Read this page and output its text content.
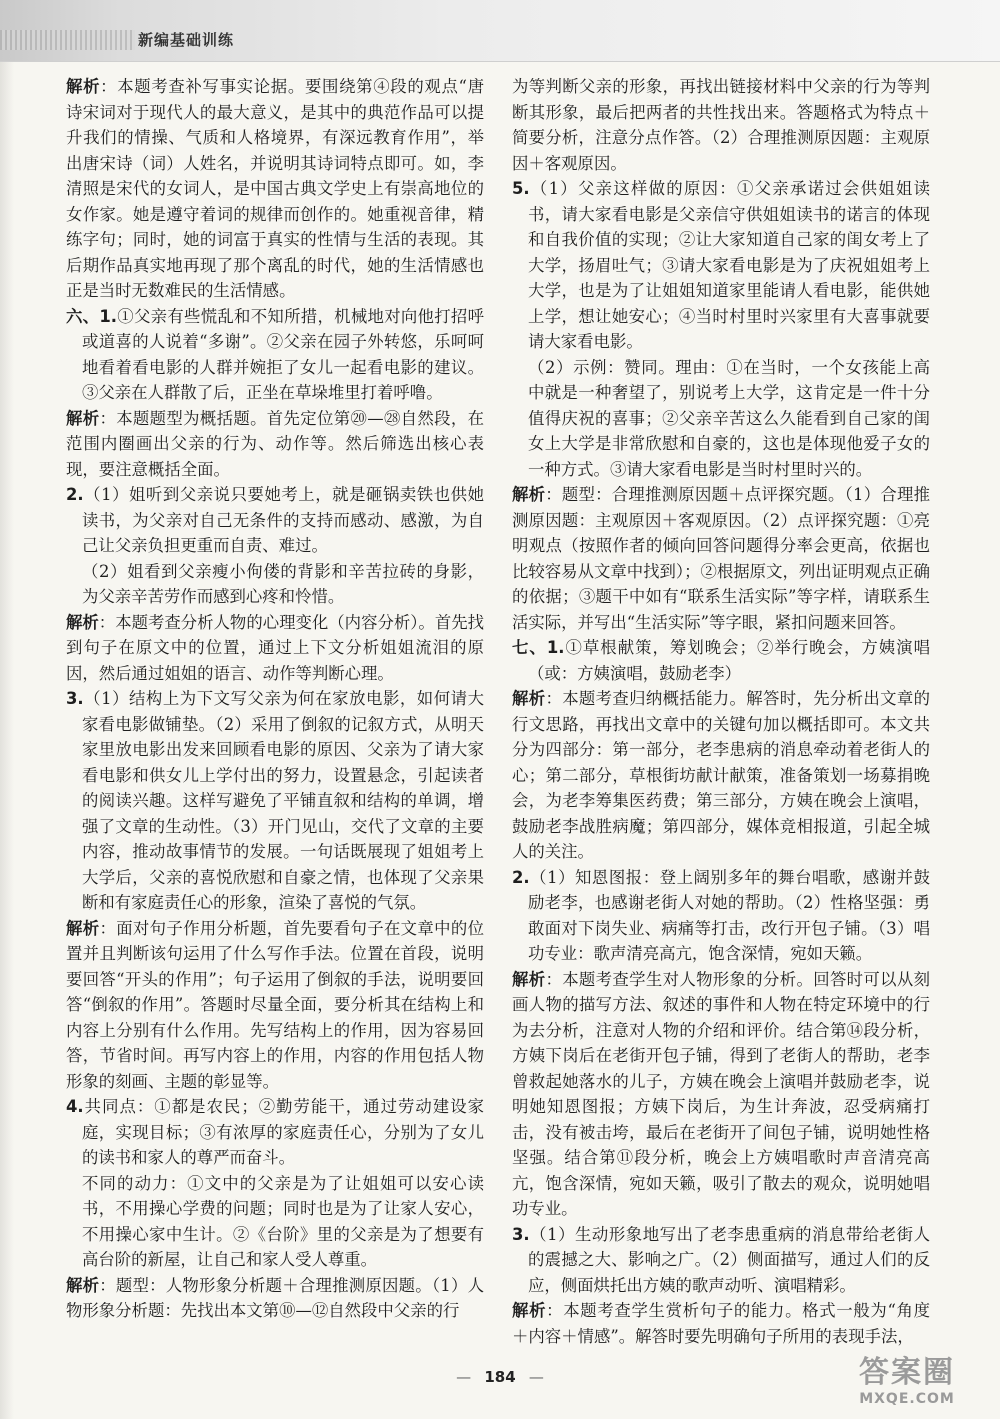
新编基础训练

解析：本题考查补写事实论据。要围绕第④段的观点“唐诗宋词对于现代人的最大意义，是其中的典范作品可以提升我们的情操、气质和人格境界，有深远教育作用”，举出唐宋诗（词）人姓名，并说明其诗词特点即可。如，李清照是宋代的女词人，是中国古典文学史上有崇高地位的女作家。她是遵守着词的规律而创作的。她重视音律，精练字句；同时，她的词富于真实的性情与生活的表现。其后期作品真实地再现了那个离乱的时代，她的生活情感也正是当时无数难民的生活情感。

六、1.①父亲有些慌乱和不知所措，机械地对向他打招呼或道喜的人说着“多谢”。②父亲在园子外转悠，乐呵呵地看着看电影的人群并婉拒了女儿一起看电影的建议。③父亲在人群散了后，正坐在草垛堆里打着呼噜。

解析：本题题型为概括题。首先定位第⑳—㉘自然段，在范围内圈画出父亲的行为、动作等。然后筛选出核心表现，要注意概括全面。

2.（1）姐听到父亲说只要她考上，就是砸锅卖铁也供她读书，为父亲对自己无条件的支持而感动、感激，为自己让父亲负担更重而自责、难过。

（2）姐看到父亲瘦小佝偻的背影和辛苦拉砖的身影，为父亲辛苦劳作而感到心疼和怜惜。

解析：本题考查分析人物的心理变化（内容分析）。首先找到句子在原文中的位置，通过上下文分析姐姐流泪的原因，然后通过姐姐的语言、动作等判断心理。

3.（1）结构上为下文写父亲为何在家放电影，如何请大家看电影做铺垫。（2）采用了倒叙的记叙方式，从明天家里放电影出发来回顾看电影的原因、父亲为了请大家看电影和供女儿上学付出的努力，设置悬念，引起读者的阅读兴趣。这样写避免了平铺直叙和结构的单调，增强了文章的生动性。（3）开门见山，交代了文章的主要内容，推动故事情节的发展。一句话既展现了姐姐考上大学后，父亲的喜悦欣慰和自豪之情，也体现了父亲果断和有家庭责任心的形象，渲染了喜悦的气氛。

解析：面对句子作用分析题，首先要看句子在文章中的位置并且判断该句运用了什么写作手法。位置在首段，说明要回答“开头的作用”；句子运用了倒叙的手法，说明要回答“倒叙的作用”。答题时尽量全面，要分析其在结构上和内容上分别有什么作用。先写结构上的作用，因为容易回答，节省时间。再写内容上的作用，内容的作用包括人物形象的刻画、主题的彰显等。

4.共同点：①都是农民；②勤劳能干，通过劳动建设家庭，实现目标；③有浓厚的家庭责任心，分别为了女儿的读书和家人的尊严而奋斗。

不同的动力：①文中的父亲是为了让姐姐可以安心读书，不用操心学费的问题；同时也是为了让家人安心，不用操心家中生计。②《台阶》里的父亲是为了想要有高台阶的新屋，让自己和家人受人尊重。

解析：题型：人物形象分析题＋合理推测原因题。（1）人物形象分析题：先找出本文第⑩—⑫自然段中父亲的行

为等判断父亲的形象，再找出链接材料中父亲的行为等判断其形象，最后把两者的共性找出来。答题格式为特点＋简要分析，注意分点作答。（2）合理推测原因题：主观原因＋客观原因。

5.（1）父亲这样做的原因：①父亲承诺过会供姐姐读书，请大家看电影是父亲信守供姐姐读书的诺言的体现和自我价值的实现；②让大家知道自己家的闺女考上了大学，扬眉吐气；③请大家看电影是为了庆祝姐姐考上大学，也是为了让姐姐知道家里能请人看电影，能供她上学，想让她安心；④当时村里时兴家里有大喜事就要请大家看电影。

（2）示例：赞同。理由：①在当时，一个女孩能上高中就是一种奢望了，别说考上大学，这肯定是一件十分值得庆祝的喜事；②父亲辛苦这么久能看到自己家的闺女上大学是非常欣慰和自豪的，这也是体现他爱子女的一种方式。③请大家看电影是当时村里时兴的。

解析：题型：合理推测原因题＋点评探究题。（1）合理推测原因题：主观原因＋客观原因。（2）点评探究题：①亮明观点（按照作者的倾向回答问题得分率会更高，依据也比较容易从文章中找到）；②根据原文，列出证明观点正确的依据；③题干中如有“联系生活实际”等字样，请联系生活实际，并写出“生活实际”等字眼，紧扣问题来回答。

七、1.①草根献策，筹划晚会；②举行晚会，方姨演唱（或：方姨演唱，鼓励老李）

解析：本题考查归纳概括能力。解答时，先分析出文章的行文思路，再找出文章中的关键句加以概括即可。本文共分为四部分：第一部分，老李患病的消息牵动着老街人的心；第二部分，草根街坊献计献策，准备策划一场募捐晚会，为老李筹集医药费；第三部分，方姨在晚会上演唱，鼓励老李战胜病魔；第四部分，媒体竞相报道，引起全城人的关注。

2.（1）知恩图报：登上阔别多年的舞台唱歌，感谢并鼓励老李，也感谢老街人对她的帮助。（2）性格坚强：勇敢面对下岗失业、病痛等打击，改行开包子铺。（3）唱功专业：歌声清亮高亢，饱含深情，宛如天籁。

解析：本题考查学生对人物形象的分析。回答时可以从刻画人物的描写方法、叙述的事件和人物在特定环境中的行为去分析，注意对人物的介绍和评价。结合第⑭段分析，方姨下岗后在老街开包子铺，得到了老街人的帮助，老李曾救起她落水的儿子，方姨在晚会上演唱并鼓励老李，说明她知恩图报；方姨下岗后，为生计奔波，忍受病痛打击，没有被击垮，最后在老街开了间包子铺，说明她性格坚强。结合第⑪段分析，晚会上方姨唱歌时声音清亮高亢，饱含深情，宛如天籁，吸引了散去的观众，说明她唱功专业。

3.（1）生动形象地写出了老李患重病的消息带给老街人的震撼之大、影响之广。（2）侧面描写，通过人们的反应，侧面烘托出方姨的歌声动听、演唱精彩。

解析：本题考查学生赏析句子的能力。格式一般为“角度＋内容＋情感”。解答时要先明确句子所用的表现手法，

— 184 —	答案圈
MXQE.COM
